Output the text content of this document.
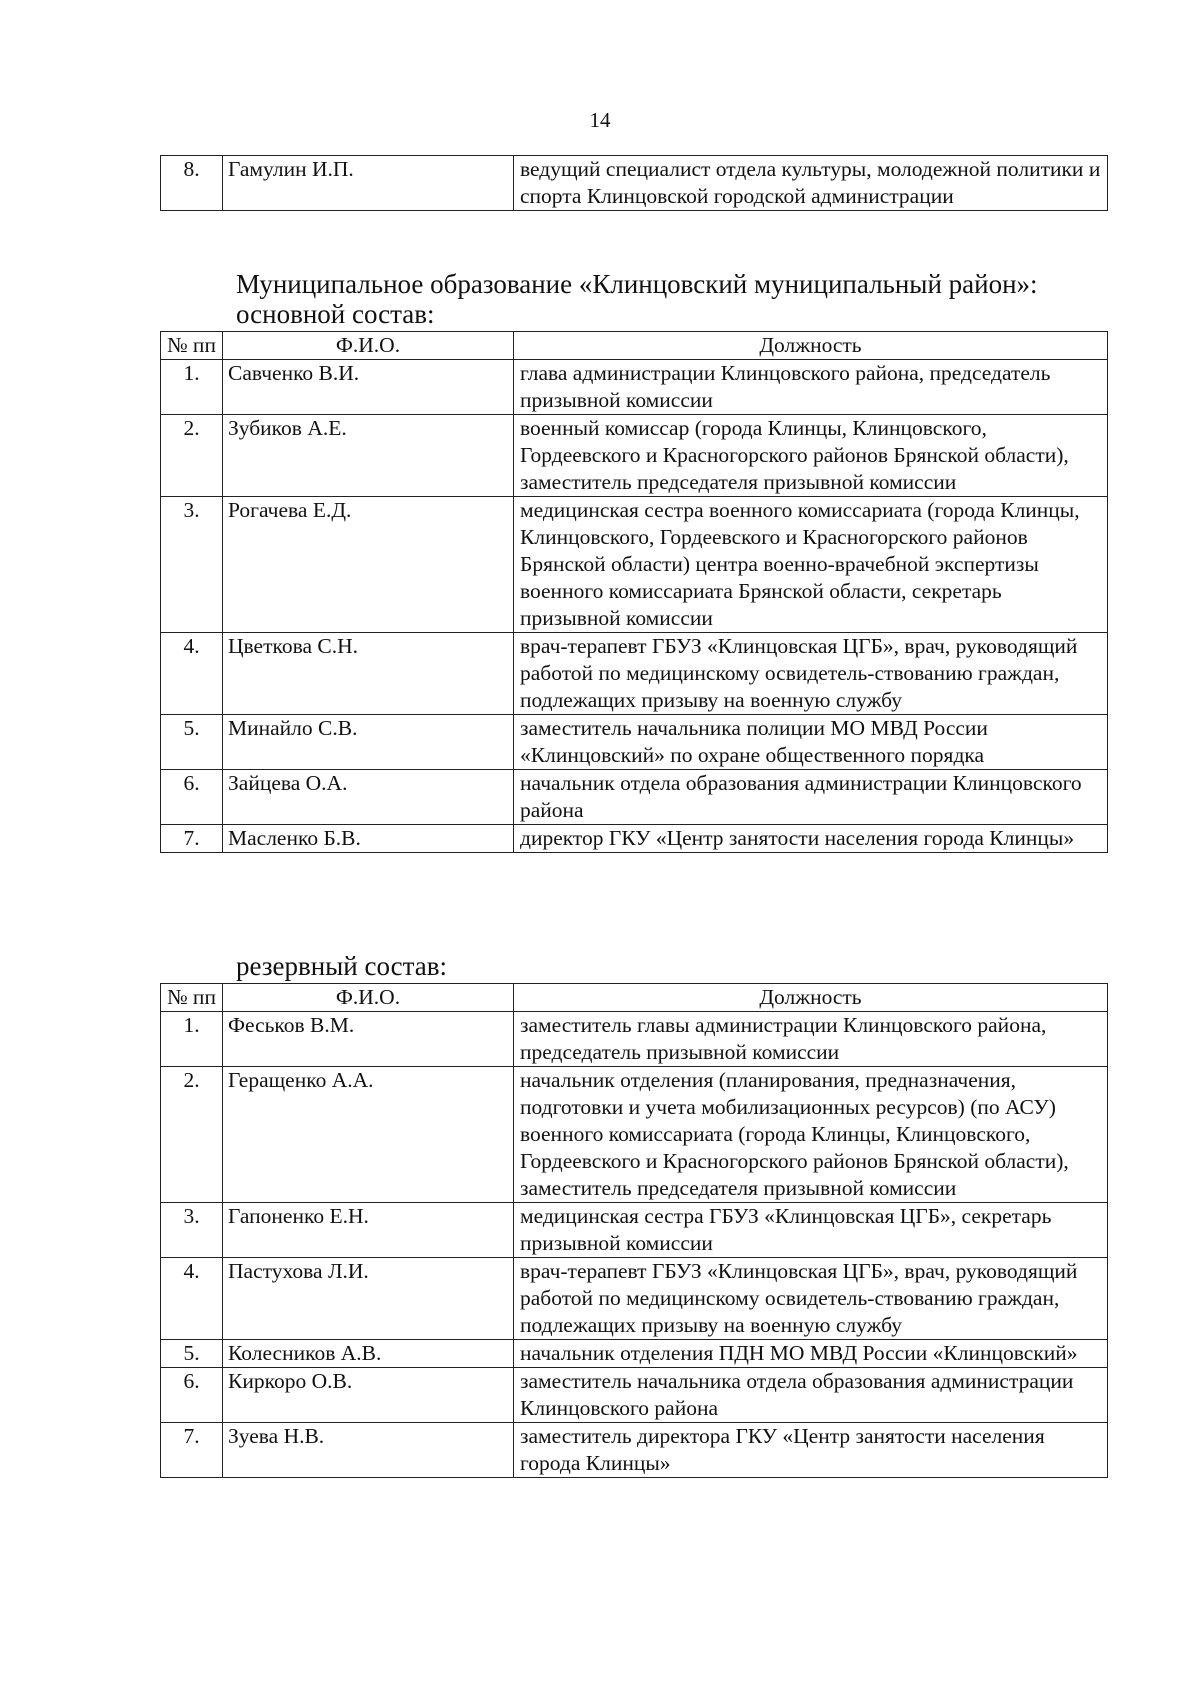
14
8.	Гамулин И.П.	ведущий специалист отдела культуры, молодежной политики и спорта Клинцовской городской администрации
Муниципальное образование «Клинцовский муниципальный район»: основной состав:
№ пп	Ф.И.О.	Должность
1.	Савченко В.И.	глава администрации Клинцовского района, председатель призывной комиссии
2.	Зубиков А.Е.	военный комиссар (города Клинцы, Клинцовского, Гордеевского и Красногорского районов Брянской области), заместитель председателя призывной комиссии
3.	Рогачева Е.Д.	медицинская сестра военного комиссариата (города Клинцы, Клинцовского, Гордеевского и Красногорского районов Брянской области) центра военно-врачебной экспертизы военного комиссариата Брянской области, секретарь призывной комиссии
4.	Цветкова С.Н.	врач-терапевт ГБУЗ «Клинцовская ЦГБ», врач, руководящий работой по медицинскому освидетель-ствованию граждан, подлежащих призыву на военную службу
5.	Минайло С.В.	заместитель начальника полиции МО МВД России «Клинцовский» по охране общественного порядка
6.	Зайцева О.А.	начальник отдела образования администрации Клинцовского района
7.	Масленко Б.В.	директор ГКУ «Центр занятости населения города Клинцы»
резервный состав:
№ пп	Ф.И.О.	Должность
1.	Феськов В.М.	заместитель главы администрации Клинцовского района, председатель призывной комиссии
2.	Геращенко А.А.	начальник отделения (планирования, предназначения, подготовки и учета мобилизационных ресурсов) (по АСУ) военного комиссариата (города Клинцы, Клинцовского, Гордеевского и Красногорского районов Брянской области), заместитель председателя призывной комиссии
3.	Гапоненко Е.Н.	медицинская сестра ГБУЗ «Клинцовская ЦГБ», секретарь призывной комиссии
4.	Пастухова Л.И.	врач-терапевт ГБУЗ «Клинцовская ЦГБ», врач, руководящий работой по медицинскому освидетель-ствованию граждан, подлежащих призыву на военную службу
5.	Колесников А.В.	начальник отделения ПДН МО МВД России «Клинцовский»
6.	Киркоро О.В.	заместитель начальника отдела образования администрации Клинцовского района
7.	Зуева Н.В.	заместитель директора ГКУ «Центр занятости населения города Клинцы»
